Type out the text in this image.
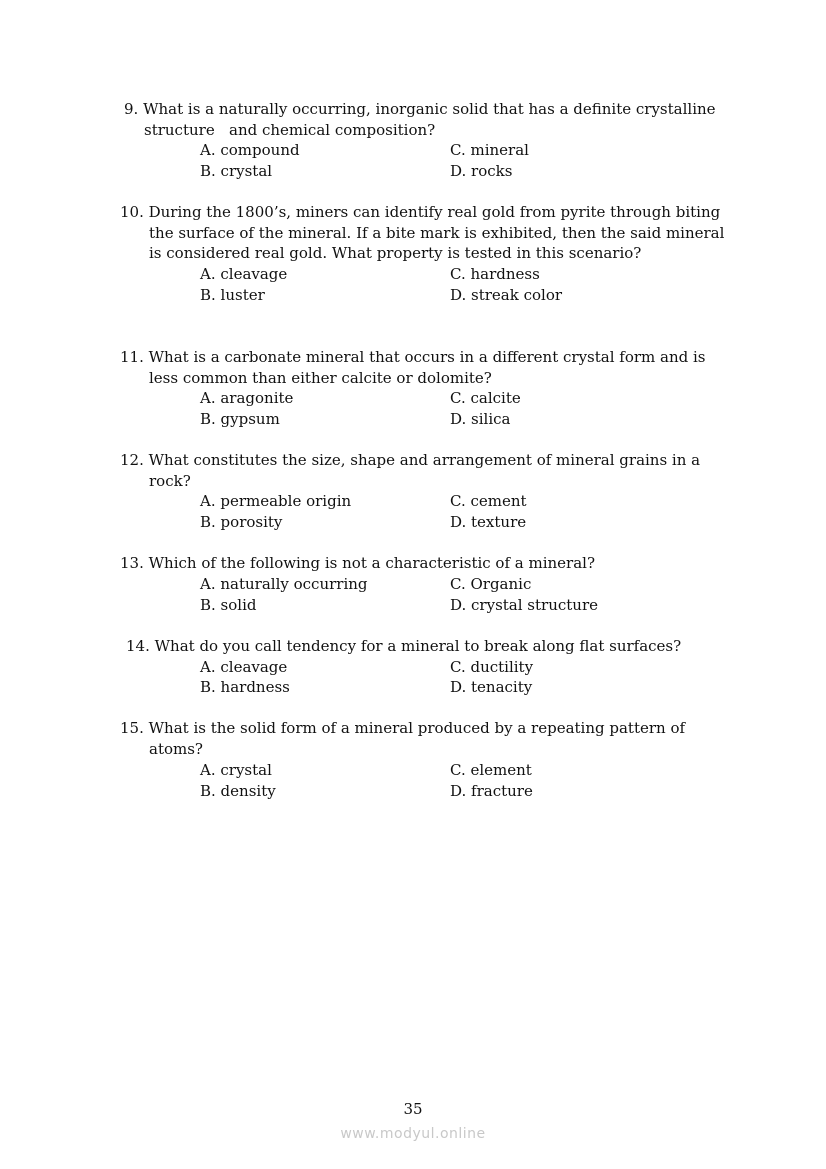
9. What is a naturally occurring, inorganic solid that has a definite crystalline
structure   and chemical composition?
A. compound
B. crystal
C. mineral
D. rocks
10. During the 1800’s, miners can identify real gold from pyrite through biting
the surface of the mineral. If a bite mark is exhibited, then the said mineral
is considered real gold. What property is tested in this scenario?
A. cleavage
B. luster
C. hardness
D. streak color
11. What is a carbonate mineral that occurs in a different crystal form and is
less common than either calcite or dolomite?
A. aragonite
B. gypsum
C. calcite
D. silica
12. What constitutes the size, shape and arrangement of mineral grains in a
rock?
A. permeable origin
B. porosity
C. cement
D. texture
13. Which of the following is not a characteristic of a mineral?
A. naturally occurring
B. solid
C. Organic
D. crystal structure
14. What do you call tendency for a mineral to break along flat surfaces?
A. cleavage
B. hardness
C. ductility
D. tenacity
15. What is the solid form of a mineral produced by a repeating pattern of
atoms?
A. crystal
B. density
C. element
D. fracture
35
www.modyul.online
